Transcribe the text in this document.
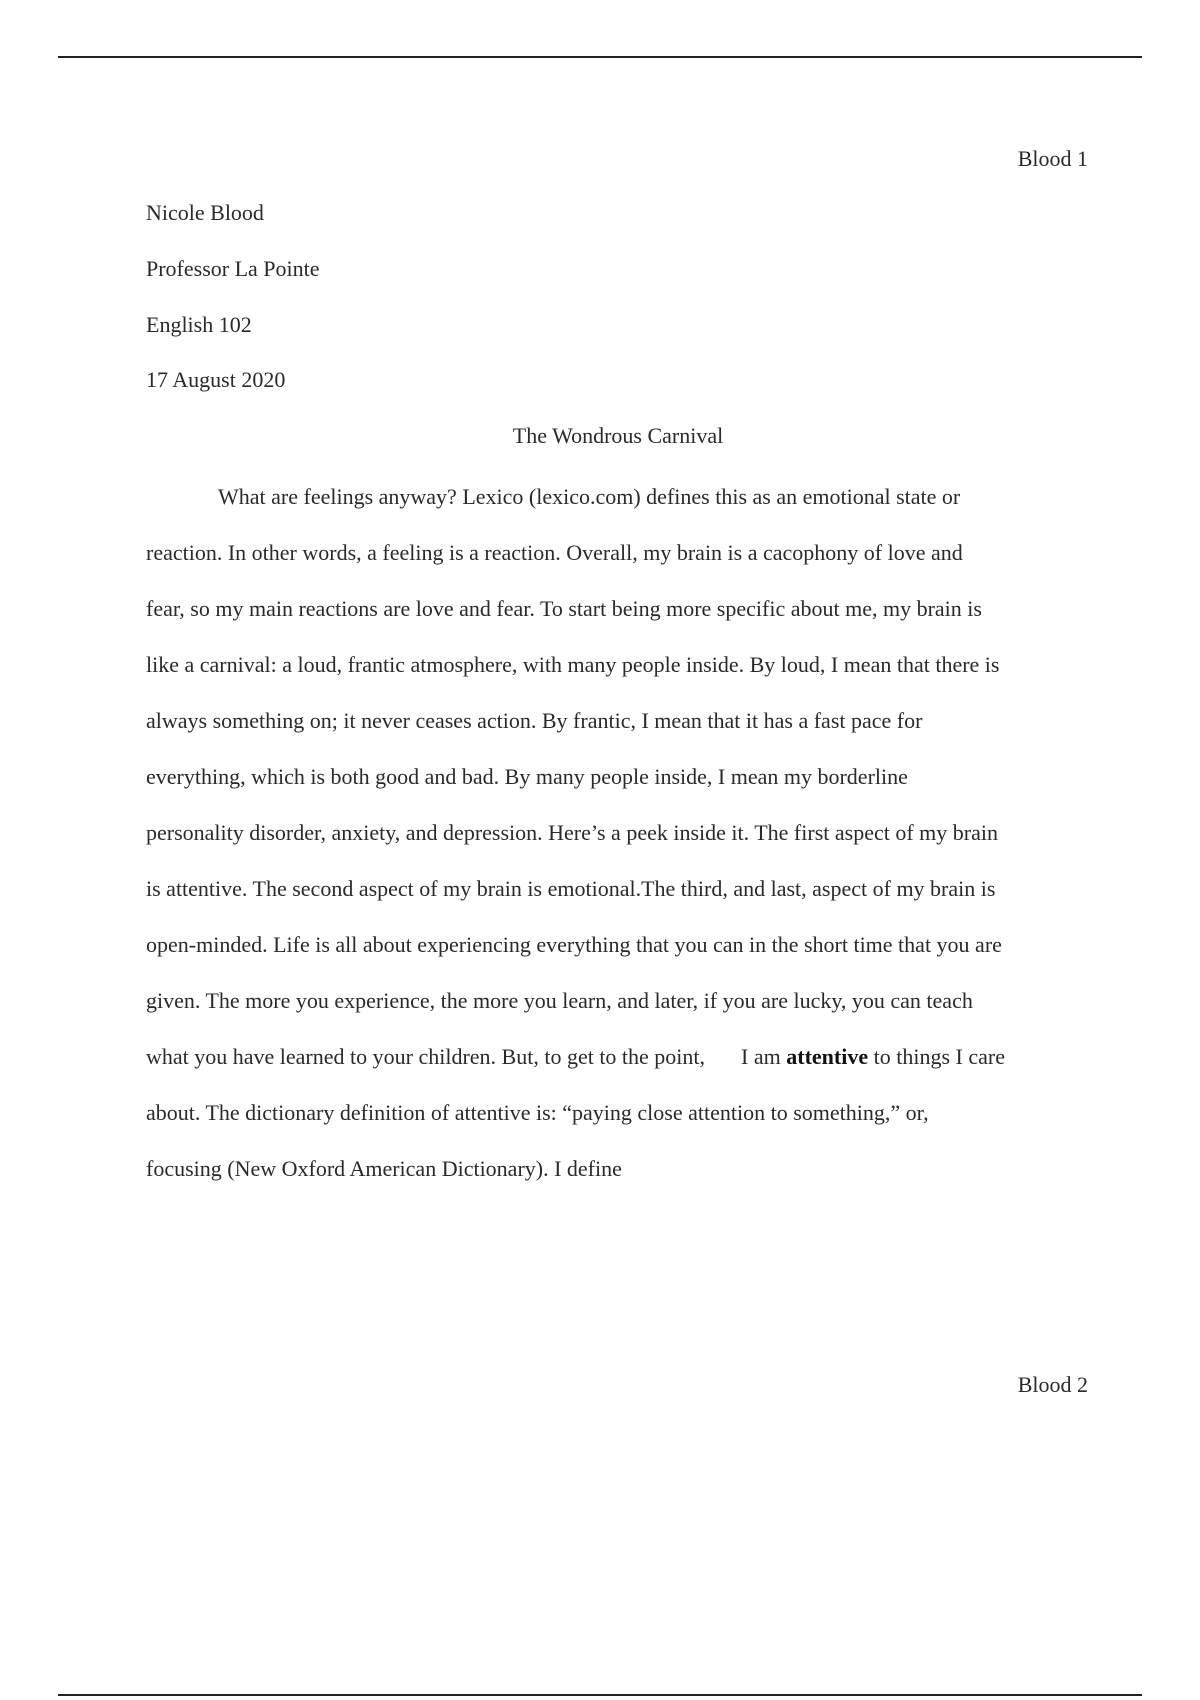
Blood 1
Nicole Blood
Professor La Pointe
English 102
17 August 2020
The Wondrous Carnival
What are feelings anyway? Lexico (lexico.com) defines this as an emotional state or
reaction. In other words, a feeling is a reaction. Overall, my brain is a cacophony of love and
fear, so my main reactions are love and fear. To start being more specific about me, my brain is
like a carnival: a loud, frantic atmosphere, with many people inside. By loud, I mean that there is
always something on; it never ceases action. By frantic, I mean that it has a fast pace for
everything, which is both good and bad. By many people inside, I mean my borderline
personality disorder, anxiety, and depression. Here’s a peek inside it. The first aspect of my brain
is attentive. The second aspect of my brain is emotional.The third, and last, aspect of my brain is
open-minded. Life is all about experiencing everything that you can in the short time that you are
given. The more you experience, the more you learn, and later, if you are lucky, you can teach
what you have learned to your children. But, to get to the point, I am attentive to things I care
about. The dictionary definition of attentive is: “paying close attention to something,” or,
focusing (New Oxford American Dictionary). I define
Blood 2
